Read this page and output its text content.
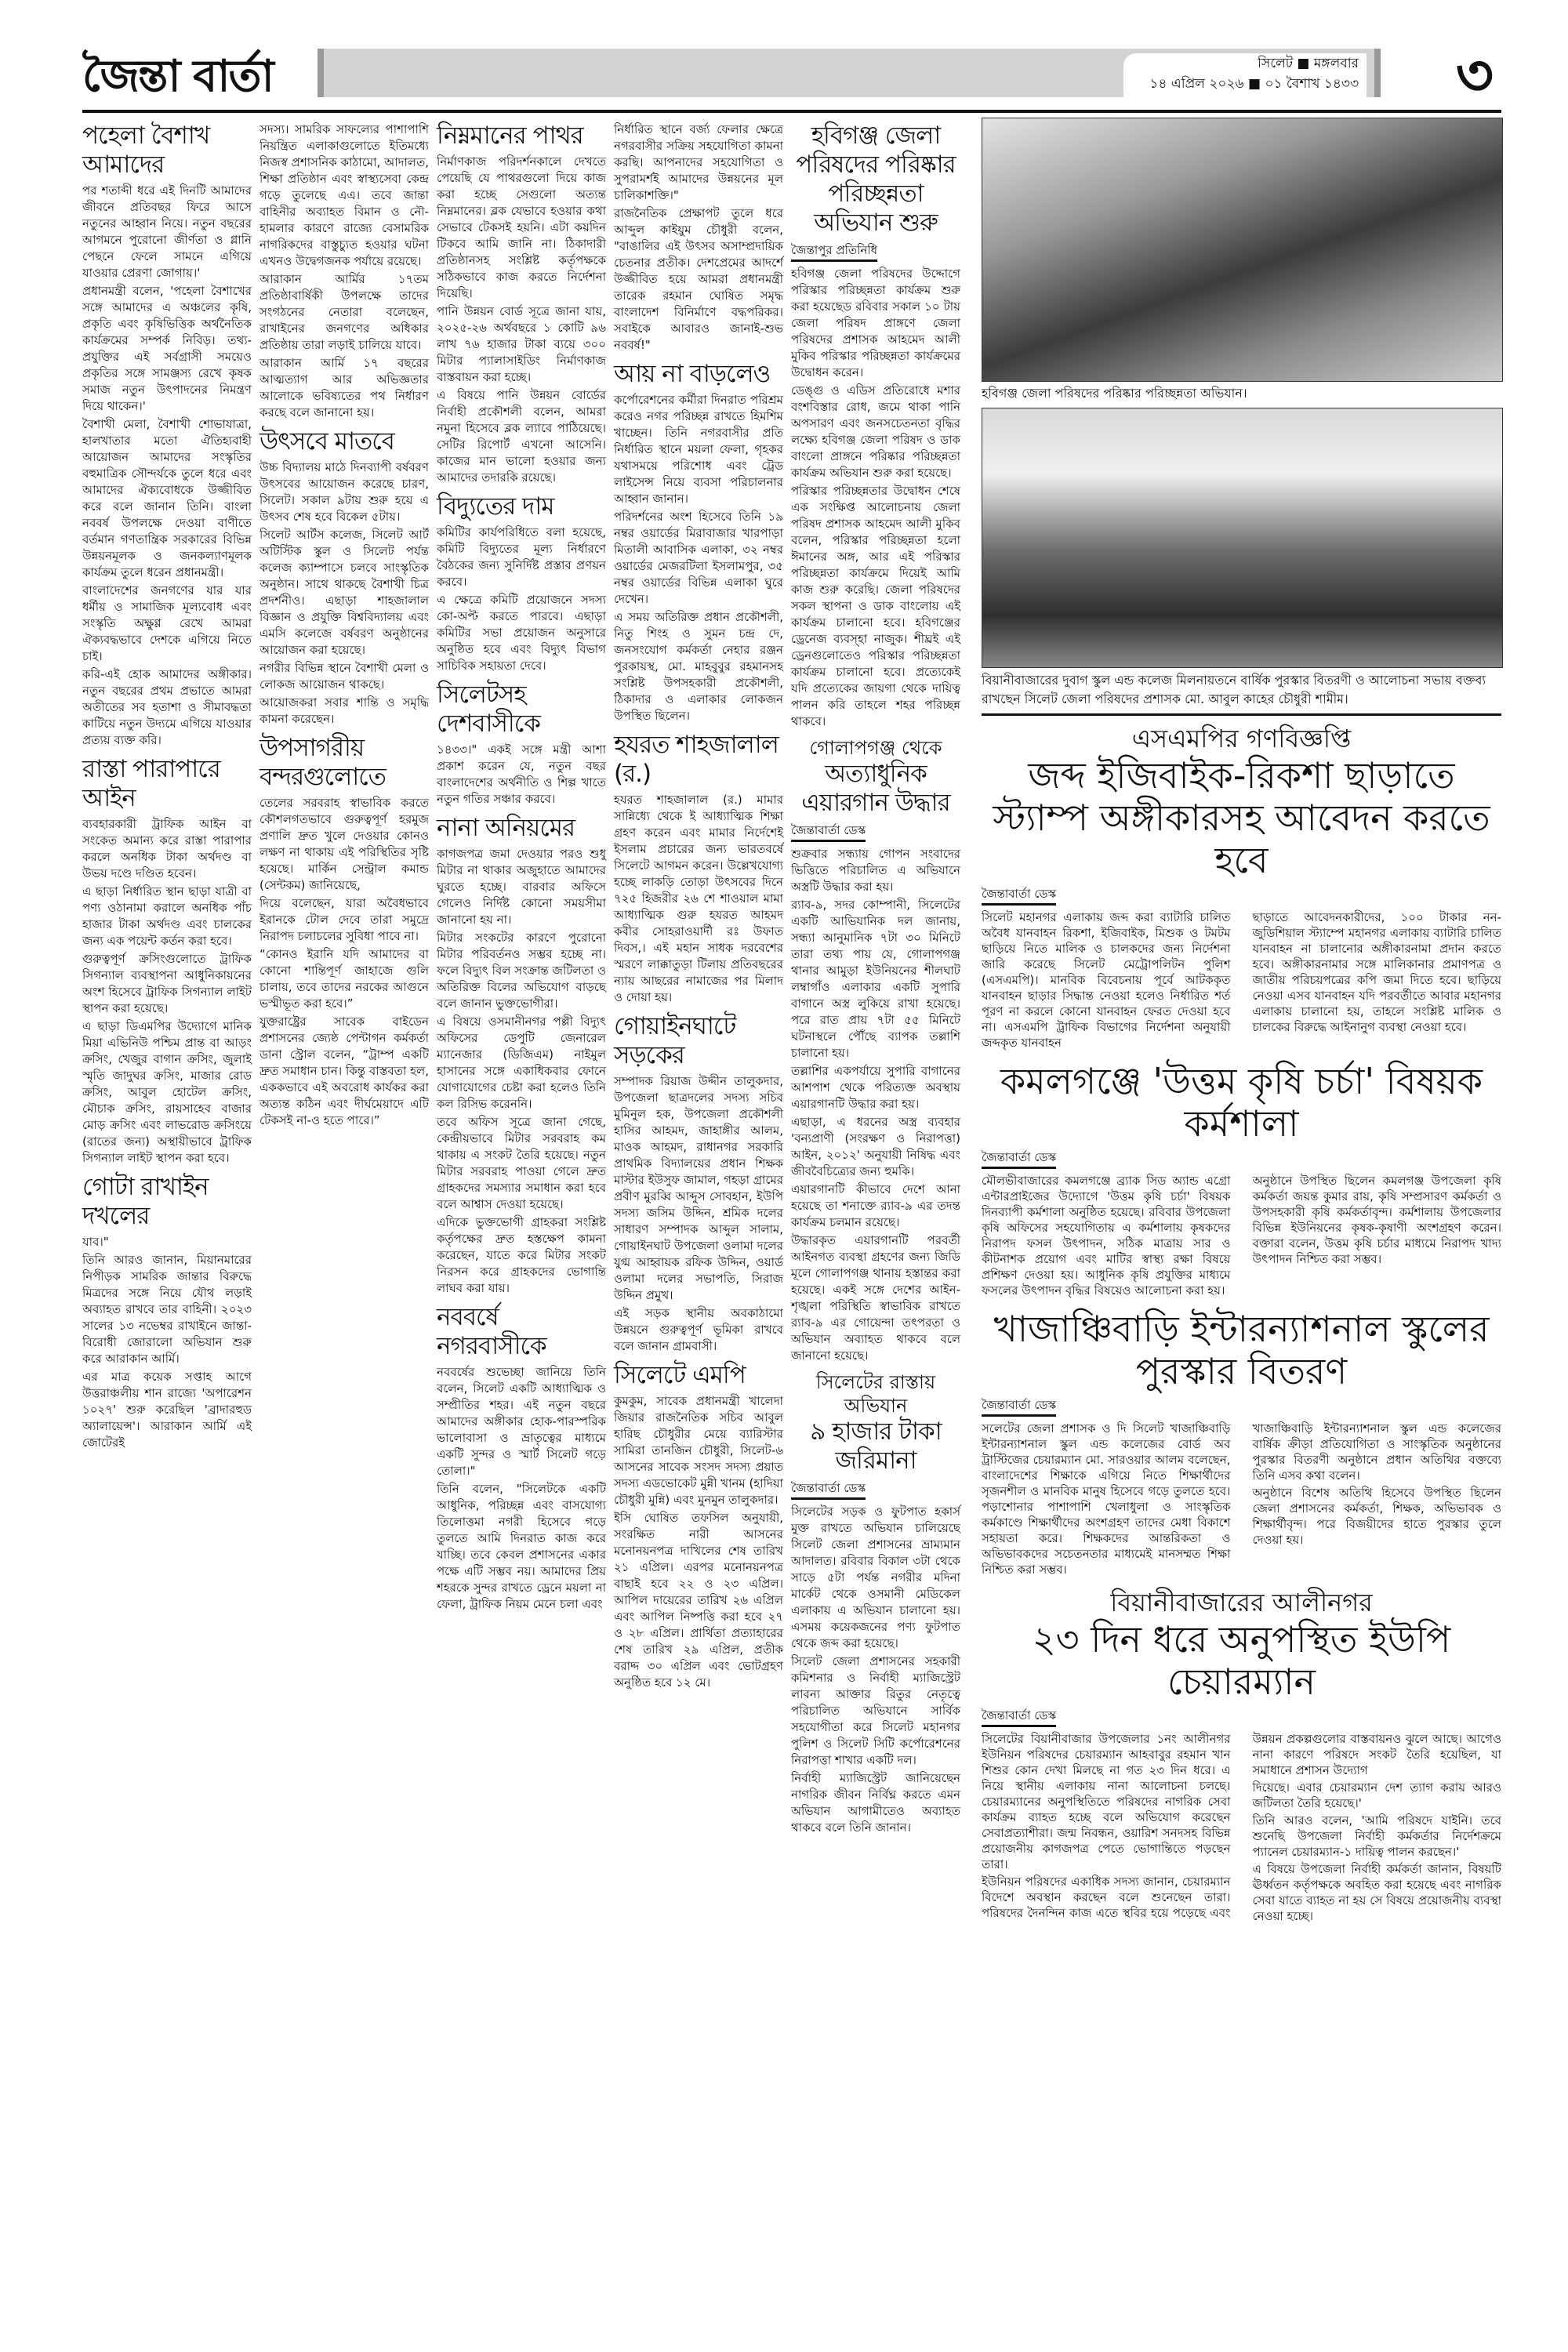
জৈন্তা বার্তা	সিলেট ■ মঙ্গলবার
১৪ এপ্রিল ২০২৬ ■ ০১ বৈশাখ ১৪৩৩ ৩
হবিগঞ্জ জেলা পরিষদের পরিষ্কার পরিচ্ছন্নতা অভিযান।
বিয়ানীবাজারের দুবাগ স্কুল এন্ড কলেজ মিলনায়তনে বার্ষিক পুরস্কার বিতরণী ও আলোচনা সভায় বক্তব্য রাখছেন সিলেট জেলা পরিষদের প্রশাসক মো. আবুল কাহের চৌধুরী শামীম।
পহেলা বৈশাখ আমাদের

পর শতাব্দী ধরে এই দিনটি আমাদের জীবনে প্রতিবছর ফিরে আসে নতুনের আহ্বান নিয়ে। নতুন বছরের আগমনে পুরোনো জীর্ণতা ও গ্লানি পেছনে ফেলে সামনে এগিয়ে যাওয়ার প্রেরণা জোগায়।'

প্রধানমন্ত্রী বলেন, 'পহেলা বৈশাখের সঙ্গে আমাদের এ অঞ্চলের কৃষি, প্রকৃতি এবং কৃষিভিত্তিক অর্থনৈতিক কার্যক্রমের সম্পর্ক নিবিড়। তথ্য-প্রযুক্তির এই সর্বগ্রাসী সময়েও প্রকৃতির সঙ্গে সামঞ্জস্য রেখে কৃষক সমাজ নতুন উৎপাদনের নিমন্ত্রণ দিয়ে থাকেন।'

বৈশাখী মেলা, বৈশাখী শোভাযাত্রা, হালখাতার মতো ঐতিহ্যবাহী আয়োজন আমাদের সংস্কৃতির বহুমাত্রিক সৌন্দর্যকে তুলে ধরে এবং আমাদের ঐক্যবোধকে উজ্জীবিত করে বলে জানান তিনি। বাংলা নববর্ষ উপলক্ষে দেওয়া বাণীতে বর্তমান গণতান্ত্রিক সরকারের বিভিন্ন উন্নয়নমূলক ও জনকল্যাণমূলক কার্যক্রম তুলে ধরেন প্রধানমন্ত্রী।

বাংলাদেশের জনগণের যার যার ধর্মীয় ও সামাজিক মূল্যবোধ এবং সংস্কৃতি অক্ষুণ্ণ রেখে আমরা ঐক্যবদ্ধভাবে দেশকে এগিয়ে নিতে চাই।

করি-এই হোক আমাদের অঙ্গীকার। নতুন বছরের প্রথম প্রভাতে আমরা অতীতের সব হতাশা ও সীমাবদ্ধতা কাটিয়ে নতুন উদ্যমে এগিয়ে যাওয়ার প্রত্যয় ব্যক্ত করি।

রাস্তা পারাপারে আইন

ব্যবহারকারী ট্রাফিক আইন বা সংকেত অমান্য করে রাস্তা পারাপার করলে অনধিক টাকা অর্থদণ্ড বা উভয় দণ্ডে দণ্ডিত হবেন।

এ ছাড়া নির্ধারিত স্থান ছাড়া যাত্রী বা পণ্য ওঠানামা করালে অনধিক পাঁচ হাজার টাকা অর্থদণ্ড এবং চালকের জন্য এক পয়েন্ট কর্তন করা হবে।

গুরুত্বপূর্ণ ক্রসিংগুলোতে ট্রাফিক সিগন্যাল ব্যবস্থাপনা আধুনিকায়নের অংশ হিসেবে ট্রাফিক সিগন্যাল লাইট স্থাপন করা হয়েছে।

এ ছাড়া ডিএমপির উদ্যোগে মানিক মিয়া এভিনিউ পশ্চিম প্রান্ত বা আড়ং ক্রসিং, খেজুর বাগান ক্রসিং, জুলাই স্মৃতি জাদুঘর ক্রসিং, মাজার রোড ক্রসিং, আবুল হোটেল ক্রসিং, মৌচাক ক্রসিং, রায়সাহেব বাজার মোড় ক্রসিং এবং লাভরোড ক্রসিংয়ে (রাতের জন্য) অস্থায়ীভাবে ট্রাফিক সিগন্যাল লাইট স্থাপন করা হবে।

গোটা রাখাইন দখলের

যাব।"

তিনি আরও জানান, মিয়ানমারের নিপীড়ক সামরিক জান্তার বিরুদ্ধে মিত্রদের সঙ্গে নিয়ে যৌথ লড়াই অব্যাহত রাখবে তার বাহিনী। ২০২৩ সালের ১৩ নভেম্বর রাখাইনে জান্তা-বিরোধী জোরালো অভিযান শুরু করে আরাকান আর্মি।

এর মাত্র কয়েক সপ্তাহ আগে উত্তরাঞ্চলীয় শান রাজ্যে 'অপারেশন ১০২৭' শুরু করেছিল 'ব্রাদারহুড অ্যালায়েন্স'। আরাকান আর্মি এই জোটেরই

সদস্য। সামরিক সাফল্যের পাশাপাশি নিয়ন্ত্রিত এলাকাগুলোতে ইতিমধ্যে নিজস্ব প্রশাসনিক কাঠামো, আদালত, শিক্ষা প্রতিষ্ঠান এবং স্বাস্থ্যসেবা কেন্দ্র গড়ে তুলেছে এএ। তবে জান্তা বাহিনীর অব্যাহত বিমান ও নৌ-হামলার কারণে রাজ্যে বেসামরিক নাগরিকদের বাস্তুচ্যুত হওয়ার ঘটনা এখনও উদ্বেগজনক পর্যায়ে রয়েছে।

আরাকান আর্মির ১৭তম প্রতিষ্ঠাবার্ষিকী উপলক্ষে তাদের সংগঠনের নেতারা বলেছেন, রাখাইনের জনগণের অধিকার প্রতিষ্ঠায় তারা লড়াই চালিয়ে যাবে।

আরাকান আর্মি ১৭ বছরের আত্মত্যাগ আর অভিজ্ঞতার আলোকে ভবিষ্যতের পথ নির্ধারণ করছে বলে জানানো হয়।

উৎসবে মাতবে

উচ্চ বিদ্যালয় মাঠে দিনব্যাপী বর্ষবরণ উৎসবের আয়োজন করেছে চারণ, সিলেট। সকাল ৯টায় শুরু হয়ে এ উৎসব শেষ হবে বিকেল ৫টায়।

সিলেট আর্টস কলেজ, সিলেট আর্ট অটিস্টিক স্কুল ও সিলেট পর্যন্ত কলেজ ক্যাম্পাসে চলবে সাংস্কৃতিক অনুষ্ঠান। সাথে থাকছে বৈশাখী চিত্র প্রদর্শনীও। এছাড়া শাহজালাল বিজ্ঞান ও প্রযুক্তি বিশ্ববিদ্যালয় এবং এমসি কলেজে বর্ষবরণ অনুষ্ঠানের আয়োজন করা হয়েছে।

নগরীর বিভিন্ন স্থানে বৈশাখী মেলা ও লোকজ আয়োজন থাকছে।

আয়োজকরা সবার শান্তি ও সমৃদ্ধি কামনা করেছেন।

উপসাগরীয় বন্দরগুলোতে

তেলের সরবরাহ স্বাভাবিক করতে কৌশলগতভাবে গুরুত্বপূর্ণ হরমুজ প্রণালি দ্রুত খুলে দেওয়ার কোনও লক্ষণ না থাকায় এই পরিস্থিতির সৃষ্টি হয়েছে। মার্কিন সেন্ট্রাল কমান্ড (সেন্টকম) জানিয়েছে,

দিয়ে বলেছেন, যারা অবৈধভাবে ইরানকে টোল দেবে তারা সমুদ্রে নিরাপদ চলাচলের সুবিধা পাবে না।

“কোনও ইরানি যদি আমাদের বা কোনো শান্তিপূর্ণ জাহাজে গুলি চালায়, তবে তাদের নরকের আগুনে ভস্মীভূত করা হবে।”

যুক্তরাষ্ট্রের সাবেক বাইডেন প্রশাসনের জ্যেষ্ঠ পেন্টাগন কর্মকর্তা ডানা স্ট্রোল বলেন, “ট্রাম্প একটি দ্রুত সমাধান চান। কিন্তু বাস্তবতা হল, এককভাবে এই অবরোধ কার্যকর করা অত্যন্ত কঠিন এবং দীর্ঘমেয়াদে এটি টেকসই না-ও হতে পারে।”

নিম্নমানের পাথর

নির্মাণকাজ পরিদর্শনকালে দেখতে পেয়েছি যে পাথরগুলো দিয়ে কাজ করা হচ্ছে সেগুলো অত্যন্ত নিম্নমানের। ব্লক যেভাবে হওয়ার কথা সেভাবে টেকসই হয়নি। এটা কয়দিন টিকবে আমি জানি না। ঠিকাদারী প্রতিষ্ঠানসহ সংশ্লিষ্ট কর্তৃপক্ষকে সঠিকভাবে কাজ করতে নির্দেশনা দিয়েছি।

পানি উন্নয়ন বোর্ড সূত্রে জানা যায়, ২০২৫-২৬ অর্থবছরে ১ কোটি ৯৬ লাখ ৭৬ হাজার টাকা ব্যয়ে ৩০০ মিটার প্যালাসাইডিং নির্মাণকাজ বাস্তবায়ন করা হচ্ছে।

এ বিষয়ে পানি উন্নয়ন বোর্ডের নির্বাহী প্রকৌশলী বলেন, আমরা নমুনা হিসেবে ব্লক ল্যাবে পাঠিয়েছে। সেটির রিপোর্ট এখনো আসেনি। কাজের মান ভালো হওয়ার জন্য আমাদের তদারকি রয়েছে।

বিদ্যুতের দাম

কমিটির কার্যপরিধিতে বলা হয়েছে, কমিটি বিদ্যুতের মূল্য নির্ধারণে বৈঠকের জন্য সুনির্দিষ্ট প্রস্তাব প্রণয়ন করবে।

এ ক্ষেত্রে কমিটি প্রয়োজনে সদস্য কো-অপ্ট করতে পারবে। এছাড়া কমিটির সভা প্রয়োজন অনুসারে অনুষ্ঠিত হবে এবং বিদ্যুৎ বিভাগ সাচিবিক সহায়তা দেবে।

সিলেটসহ দেশবাসীকে

১৪৩৩।" একই সঙ্গে মন্ত্রী আশা প্রকাশ করেন যে, নতুন বছর বাংলাদেশের অর্থনীতি ও শিল্প খাতে নতুন গতির সঞ্চার করবে।

নানা অনিয়মের

কাগজপত্র জমা দেওয়ার পরও শুধু মিটার না থাকার অজুহাতে আমাদের ঘুরতে হচ্ছে। বারবার অফিসে গেলেও নির্দিষ্ট কোনো সময়সীমা জানানো হয় না।

মিটার সংকটের কারণে পুরোনো মিটার পরিবর্তনও সম্ভব হচ্ছে না। ফলে বিদ্যুৎ বিল সংক্রান্ত জটিলতা ও অতিরিক্ত বিলের অভিযোগ বাড়ছে বলে জানান ভুক্তভোগীরা।

এ বিষয়ে ওসমানীনগর পল্লী বিদ্যুৎ অফিসের ডেপুটি জেনারেল ম্যানেজার (ডিজিএম) নাইমুল হাসানের সঙ্গে একাধিকবার ফোনে যোগাযোগের চেষ্টা করা হলেও তিনি কল রিসিভ করেননি।

তবে অফিস সূত্রে জানা গেছে, কেন্দ্রীয়ভাবে মিটার সরবরাহ কম থাকায় এ সংকট তৈরি হয়েছে। নতুন মিটার সরবরাহ পাওয়া গেলে দ্রুত গ্রাহকদের সমস্যার সমাধান করা হবে বলে আশ্বাস দেওয়া হয়েছে।

এদিকে ভুক্তভোগী গ্রাহকরা সংশ্লিষ্ট কর্তৃপক্ষের দ্রুত হস্তক্ষেপ কামনা করেছেন, যাতে করে মিটার সংকট নিরসন করে গ্রাহকদের ভোগান্তি লাঘব করা যায়।

নববর্ষে নগরবাসীকে

নববর্ষের শুভেচ্ছা জানিয়ে তিনি বলেন, সিলেট একটি আধ্যাত্মিক ও সম্প্রীতির শহর। এই নতুন বছরে আমাদের অঙ্গীকার হোক-পারস্পরিক ভালোবাসা ও ভ্রাতৃত্বের মাধ্যমে একটি সুন্দর ও স্মার্ট সিলেট গড়ে তোলা।"

তিনি বলেন, "সিলেটকে একটি আধুনিক, পরিচ্ছন্ন এবং বাসযোগ্য তিলোত্তমা নগরী হিসেবে গড়ে তুলতে আমি দিনরাত কাজ করে যাচ্ছি। তবে কেবল প্রশাসনের একার পক্ষে এটি সম্ভব নয়। আমাদের প্রিয় শহরকে সুন্দর রাখতে ড্রেনে ময়লা না ফেলা, ট্রাফিক নিয়ম মেনে চলা এবং

নির্ধারিত স্থানে বর্জ্য ফেলার ক্ষেত্রে নগরবাসীর সক্রিয় সহযোগিতা কামনা করছি। আপনাদের সহযোগিতা ও সুপরামর্শই আমাদের উন্নয়নের মূল চালিকাশক্তি।"

রাজনৈতিক প্রেক্ষাপট তুলে ধরে আব্দুল কাইয়ুম চৌধুরী বলেন, "বাঙালির এই উৎসব অসাম্প্রদায়িক চেতনার প্রতীক। দেশপ্রেমের আদর্শে উজ্জীবিত হয়ে আমরা প্রধানমন্ত্রী তারেক রহমান ঘোষিত সমৃদ্ধ বাংলাদেশ বিনির্মাণে বদ্ধপরিকর। সবাইকে আবারও জানাই-শুভ নববর্ষ!"

আয় না বাড়লেও

কর্পোরেশনের কর্মীরা দিনরাত পরিশ্রম করেও নগর পরিচ্ছন্ন রাখতে হিমশিম খাচ্ছেন। তিনি নগরবাসীর প্রতি নির্ধারিত স্থানে ময়লা ফেলা, গৃহকর যথাসময়ে পরিশোধ এবং ট্রেড লাইসেন্স নিয়ে ব্যবসা পরিচালনার আহ্বান জানান।

পরিদর্শনের অংশ হিসেবে তিনি ১৯ নম্বর ওয়ার্ডের মিরাবাজার খারপাড়া মিতালী আবাসিক এলাকা, ৩২ নম্বর ওয়ার্ডের মেজরটিলা ইসলামপুর, ৩৫ নম্বর ওয়ার্ডের বিভিন্ন এলাকা ঘুরে দেখেন।

এ সময় অতিরিক্ত প্রধান প্রকৌশলী, নিতু শিংহ ও সুমন চন্দ্র দে, জনসংযোগ কর্মকর্তা নেহার রঞ্জন পুরকায়স্থ, মো. মাহবুবুর রহমানসহ সংশ্লিষ্ট উপসহকারী প্রকৌশলী, ঠিকাদার ও এলাকার লোকজন উপস্থিত ছিলেন।

হযরত শাহজালাল (র.)

হযরত শাহজালাল (র.) মামার সান্নিধ্যে থেকে ই আধ্যাত্মিক শিক্ষা গ্রহণ করেন এবং মামার নির্দেশেই ইসলাম প্রচারের জন্য ভারতবর্ষে সিলেটে আগমন করেন। উল্লেখযোগ্য হচ্ছে লাকড়ি তোড়া উৎসবের দিনে ৭২৫ হিজরীর ২৬ শে শাওয়াল মামা আধ্যাত্মিক গুরু হযরত আহমদ কবীর সোহরাওয়ার্দী রঃ উফাত দিবস,। এই মহান সাধক দরবেশের স্মরণে লাক্কাতুড়া টিলায় প্রতিবছরের ন্যায় আছরের নামাজের পর মিলাদ ও দোয়া হয়।

গোয়াইনঘাটে সড়কের

সম্পাদক রিয়াজ উদ্দীন তালুকদার, উপজেলা ছাত্রদলের সদস্য সচিব মুমিনুল হক, উপজেলা প্রকৌশলী হাসির আহমদ, জাহাঙ্গীর আলম, মাওক আহমদ, রাধানগর সরকারি প্রাথমিক বিদ্যালয়ের প্রধান শিক্ষক মাস্টার ইউসুফ জামাল, গহড়া গ্রামের প্রবীণ মুরব্বি আব্দুস সোবহান, ইউপি সদস্য জসিম উদ্দিন, শ্রমিক দলের সাধারণ সম্পাদক আব্দুল সালাম, গোয়াইনঘাট উপজেলা ওলামা দলের যুগ্ম আহ্বায়ক রফিক উদ্দিন, ওয়ার্ড ওলামা দলের সভাপতি, সিরাজ উদ্দিন প্রমুখ।

এই সড়ক স্থানীয় অবকাঠামো উন্নয়নে গুরুত্বপূর্ণ ভূমিকা রাখবে বলে জানান গ্রামবাসী।

সিলেটে এমপি

কুমকুম, সাবেক প্রধানমন্ত্রী খালেদা জিয়ার রাজনৈতিক সচিব আবুল হারিছ চৌধুরীর মেয়ে ব্যারিস্টার সামিরা তানজিন চৌধুরী, সিলেট-৬ আসনের সাবেক সংসদ সদস্য প্রয়াত সদস্য এডভোকেট মুন্নী খানম (হাদিয়া চৌধুরী মুন্নি) এবং মুনমুন তালুকদার।

ইসি ঘোষিত তফসিল অনুযায়ী, সংরক্ষিত নারী আসনের মনোনয়নপত্র দাখিলের শেষ তারিখ ২১ এপ্রিল। এরপর মনোনয়নপত্র বাছাই হবে ২২ ও ২৩ এপ্রিল। আপিল দায়েরের তারিখ ২৬ এপ্রিল এবং আপিল নিষ্পত্তি করা হবে ২৭ ও ২৮ এপ্রিল। প্রার্থিতা প্রত্যাহারের শেষ তারিখ ২৯ এপ্রিল, প্রতীক বরাদ্দ ৩০ এপ্রিল এবং ভোটগ্রহণ অনুষ্ঠিত হবে ১২ মে।

হবিগঞ্জ জেলা পরিষদের পরিষ্কার পরিচ্ছন্নতা অভিযান শুরু
জৈন্তাপুর প্রতিনিধি

হবিগঞ্জ জেলা পরিষদের উদ্দোগে পরিস্কার পরিচ্ছন্নতা কার্যক্রম শুরু করা হয়েছেড রবিবার সকাল ১০ টায় জেলা পরিষদ প্রাঙ্গণে জেলা পরিষদের প্রশাসক আহমেদ আলী মুকিব পরিস্কার পরিচ্ছন্নতা কার্যক্রমের উদ্বোধন করেন।

ডেঙ্গু ও এডিস প্রতিরোধে মশার বংশবিস্তার রোধ, জমে থাকা পানি অপসারণ এবং জনসচেতনতা বৃদ্ধির লক্ষ্যে হবিগঞ্জ জেলা পরিষদ ও ডাক বাংলো প্রাঙ্গনে পরিষ্কার পরিচ্ছন্নতা কার্যক্রম অভিযান শুরু করা হয়েছে।

পরিস্কার পরিচ্ছন্নতার উদ্বোধন শেষে এক সংক্ষিপ্ত আলোচনায় জেলা পরিষদ প্রশাসক আহমেদ আলী মুকিব বলেন, পরিস্কার পরিচ্ছন্নতা হলো ঈমানের অঙ্গ, আর এই পরিস্কার পরিচ্ছন্নতা কার্যক্রমে দিয়েই আমি কাজ শুরু করেছি। জেলা পরিষদের সকল স্থাপনা ও ডাক বাংলোয় এই কার্যক্রম চালানো হবে। হবিগঞ্জের ড্রেনেজ ব্যবস্হা নাজুক। শীঘ্রই এই ড্রেনগুলোতেও পরিস্কার পরিচ্ছন্নতা কার্যক্রম চালানো হবে। প্রত্যেকেই যদি প্রত্যেকের জায়গা থেকে দায়িত্ব পালন করি তাহলে শহর পরিচ্ছন্ন থাকবে।

গোলাপগঞ্জ থেকে
অত্যাধুনিক এয়ারগান উদ্ধার
জৈন্তাবার্তা ডেস্ক

শুক্রবার সন্ধ্যায় গোপন সংবাদের ভিত্তিতে পরিচালিত এ অভিযানে অস্ত্রটি উদ্ধার করা হয়।

র‍্যাব-৯, সদর কোম্পানী, সিলেটের একটি আভিযানিক দল জানায়, সন্ধ্যা আনুমানিক ৭টা ৩০ মিনিটে তারা তথ্য পায় যে, গোলাপগঞ্জ থানার আমুড়া ইউনিয়নের শীলঘাট লম্বাগাঁও এলাকার একটি সুপারি বাগানে অস্ত্র লুকিয়ে রাখা হয়েছে। পরে রাত প্রায় ৭টা ৫৫ মিনিটে ঘটনাস্থলে পৌঁছে ব্যাপক তল্লাশি চালানো হয়।

তল্লাশির একপর্যায়ে সুপারি বাগানের আশপাশ থেকে পরিত্যক্ত অবস্থায় এয়ারগানটি উদ্ধার করা হয়।

এছাড়া, এ ধরনের অস্ত্র ব্যবহার 'বন্যপ্রাণী (সংরক্ষণ ও নিরাপত্তা) আইন, ২০১২' অনুযায়ী নিষিদ্ধ এবং জীববৈচিত্র্যের জন্য হুমকি।

এয়ারগানটি কীভাবে দেশে আনা হয়েছে তা শনাক্তে র‍্যাব-৯ এর তদন্ত কার্যক্রম চলমান রয়েছে।

উদ্ধারকৃত এয়ারগানটি পরবর্তী আইনগত ব্যবস্থা গ্রহণের জন্য জিডি মূলে গোলাপগঞ্জ থানায় হস্তান্তর করা হয়েছে। একই সঙ্গে দেশের আইন-শৃঙ্খলা পরিস্থিতি স্বাভাবিক রাখতে র‍্যাব-৯ এর গোয়েন্দা তৎপরতা ও অভিযান অব্যাহত থাকবে বলে জানানো হয়েছে।

সিলেটের রাস্তায় অভিযান
৯ হাজার টাকা জরিমানা
জৈন্তাবার্তা ডেস্ক

সিলেটের সড়ক ও ফুটপাত হকার্স মুক্ত রাখতে অভিযান চালিয়েছে সিলেট জেলা প্রশাসনের ভ্রাম্যমান আদালত। রবিবার বিকাল ৩টা থেকে সাড়ে ৫টা পর্যন্ত নগরীর মদিনা মার্কেট থেকে ওসমানী মেডিকেল এলাকায় এ অভিযান চালানো হয়। এসময় কয়েকজনের পণ্য ফুটপাত থেকে জব্দ করা হয়েছে।

সিলেট জেলা প্রশাসনের সহকারী কমিশনার ও নির্বাহী ম্যাজিস্ট্রেট লাবন্য আক্তার রিতুর নেতৃত্বে পরিচালিত অভিযানে সার্বিক সহযোগীতা করে সিলেট মহানগর পুলিশ ও সিলেট সিটি কর্পোরেশনের নিরাপত্তা শাখার একটি দল।

নির্বাহী ম্যাজিস্ট্রেট জানিয়েছেন নাগরিক জীবন নির্বিঘ্ন করতে এমন অভিযান আগামীতেও অব্যাহত থাকবে বলে তিনি জানান।

এসএমপির গণবিজ্ঞপ্তি
জব্দ ইজিবাইক-রিকশা ছাড়াতে স্ট্যাম্প অঙ্গীকারসহ আবেদন করতে হবে
জৈন্তাবার্তা ডেস্ক

সিলেট মহানগর এলাকায় জব্দ করা ব্যাটারি চালিত অবৈধ যানবাহন রিকশা, ইজিবাইক, মিশুক ও টমটম ছাড়িয়ে নিতে মালিক ও চালকদের জন্য নির্দেশনা জারি করেছে সিলেট মেট্রোপলিটন পুলিশ (এসএমপি)। মানবিক বিবেচনায় পূর্বে আটককৃত যানবাহন ছাড়ার সিদ্ধান্ত নেওয়া হলেও নির্ধারিত শর্ত পূরণ না করলে কোনো যানবাহন ফেরত দেওয়া হবে না। এসএমপি ট্রাফিক বিভাগের নির্দেশনা অনুযায়ী জব্দকৃত যানবাহন

ছাড়াতে আবেদনকারীদের, ১০০ টাকার নন-জুডিশিয়াল স্ট্যাম্পে মহানগর এলাকায় ব্যাটারি চালিত যানবাহন না চালানোর অঙ্গীকারনামা প্রদান করতে হবে। অঙ্গীকারনামার সঙ্গে মালিকানার প্রমাণপত্র ও জাতীয় পরিচয়পত্রের কপি জমা দিতে হবে। ছাড়িয়ে নেওয়া এসব যানবাহন যদি পরবর্তীতে আবার মহানগর এলাকায় চালানো হয়, তাহলে সংশ্লিষ্ট মালিক ও চালকের বিরুদ্ধে আইনানুগ ব্যবস্থা নেওয়া হবে।

কমলগঞ্জে 'উত্তম কৃষি চর্চা' বিষয়ক কর্মশালা
জৈন্তাবার্তা ডেস্ক

মৌলভীবাজারের কমলগঞ্জে ব্র্যাক সিড অ্যান্ড এগ্রো এন্টারপ্রাইজের উদ্যোগে 'উত্তম কৃষি চর্চা' বিষয়ক দিনব্যাপী কর্মশালা অনুষ্ঠিত হয়েছে। রবিবার উপজেলা কৃষি অফিসের সহযোগিতায় এ কর্মশালায় কৃষকদের নিরাপদ ফসল উৎপাদন, সঠিক মাত্রায় সার ও কীটনাশক প্রয়োগ এবং মাটির স্বাস্থ্য রক্ষা বিষয়ে প্রশিক্ষণ দেওয়া হয়। আধুনিক কৃষি প্রযুক্তির মাধ্যমে ফসলের উৎপাদন বৃদ্ধির বিষয়েও আলোচনা করা হয়।

অনুষ্ঠানে উপস্থিত ছিলেন কমলগঞ্জ উপজেলা কৃষি কর্মকর্তা জয়ন্ত কুমার রায়, কৃষি সম্প্রসারণ কর্মকর্তা ও উপসহকারী কৃষি কর্মকর্তাবৃন্দ। কর্মশালায় উপজেলার বিভিন্ন ইউনিয়নের কৃষক-কৃষাণী অংশগ্রহণ করেন। বক্তারা বলেন, উত্তম কৃষি চর্চার মাধ্যমে নিরাপদ খাদ্য উৎপাদন নিশ্চিত করা সম্ভব।

খাজাঞ্চিবাড়ি ইন্টারন্যাশনাল স্কুলের পুরস্কার বিতরণ
জৈন্তাবার্তা ডেস্ক

সলেটের জেলা প্রশাসক ও দি সিলেট খাজাঞ্চিবাড়ি ইন্টারন্যাশনাল স্কুল এন্ড কলেজের বোর্ড অব ট্রাস্টিজের চেয়ারম্যান মো. সারওয়ার আলম বলেছেন, বাংলাদেশের শিক্ষাকে এগিয়ে নিতে শিক্ষার্থীদের সৃজনশীল ও মানবিক মানুষ হিসেবে গড়ে তুলতে হবে। পড়াশোনার পাশাপাশি খেলাধুলা ও সাংস্কৃতিক কর্মকাণ্ডে শিক্ষার্থীদের অংশগ্রহণ তাদের মেধা বিকাশে সহায়তা করে। শিক্ষকদের আন্তরিকতা ও অভিভাবকদের সচেতনতার মাধ্যমেই মানসম্মত শিক্ষা নিশ্চিত করা সম্ভব।

খাজাঞ্চিবাড়ি ইন্টারন্যাশনাল স্কুল এন্ড কলেজের বার্ষিক ক্রীড়া প্রতিযোগিতা ও সাংস্কৃতিক অনুষ্ঠানের পুরস্কার বিতরণী অনুষ্ঠানে প্রধান অতিথির বক্তব্যে তিনি এসব কথা বলেন।

অনুষ্ঠানে বিশেষ অতিথি হিসেবে উপস্থিত ছিলেন জেলা প্রশাসনের কর্মকর্তা, শিক্ষক, অভিভাবক ও শিক্ষার্থীবৃন্দ। পরে বিজয়ীদের হাতে পুরস্কার তুলে দেওয়া হয়।

বিয়ানীবাজারের আলীনগর
২৩ দিন ধরে অনুপস্থিত ইউপি চেয়ারম্যান
জৈন্তাবার্তা ডেস্ক

সিলেটের বিয়ানীবাজার উপজেলার ১নং আলীনগর ইউনিয়ন পরিষদের চেয়ারম্যান আহবাবুর রহমান খান শিশুর কোন দেখা মিলছে না গত ২৩ দিন ধরে। এ নিয়ে স্থানীয় এলাকায় নানা আলোচনা চলছে। চেয়ারম্যানের অনুপস্থিতিতে পরিষদের নাগরিক সেবা কার্যক্রম ব্যাহত হচ্ছে বলে অভিযোগ করেছেন সেবাপ্রত্যাশীরা। জন্ম নিবন্ধন, ওয়ারিশ সনদসহ বিভিন্ন প্রয়োজনীয় কাগজপত্র পেতে ভোগান্তিতে পড়ছেন তারা।

ইউনিয়ন পরিষদের একাধিক সদস্য জানান, চেয়ারম্যান বিদেশে অবস্থান করছেন বলে শুনেছেন তারা। পরিষদের দৈনন্দিন কাজ এতে স্থবির হয়ে পড়েছে এবং উন্নয়ন প্রকল্পগুলোর বাস্তবায়নও ঝুলে আছে। আগেও নানা কারণে পরিষদে সংকট তৈরি হয়েছিল, যা সমাধানে প্রশাসন উদ্যোগ

দিয়েছে। এবার চেয়ারম্যান দেশ ত্যাগ করায় আরও জটিলতা তৈরি হয়েছে।'

তিনি আরও বলেন, 'আমি পরিষদে যাইনি। তবে শুনেছি উপজেলা নির্বাহী কর্মকর্তার নির্দেশক্রমে প্যানেল চেয়ারম্যান-১ দায়িত্ব পালন করছেন।'

এ বিষয়ে উপজেলা নির্বাহী কর্মকর্তা জানান, বিষয়টি ঊর্ধ্বতন কর্তৃপক্ষকে অবহিত করা হয়েছে এবং নাগরিক সেবা যাতে ব্যাহত না হয় সে বিষয়ে প্রয়োজনীয় ব্যবস্থা নেওয়া হচ্ছে।
